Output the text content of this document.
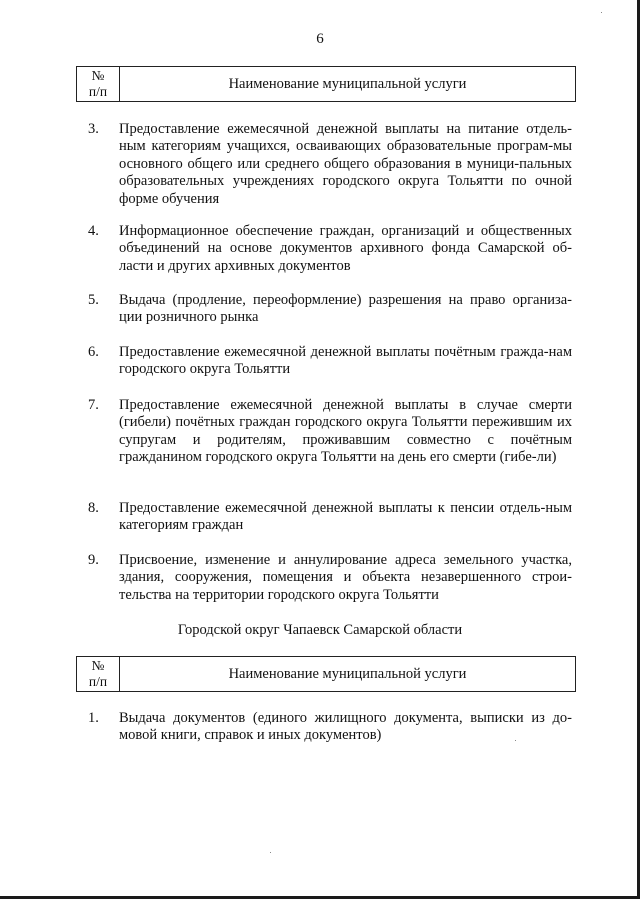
6
№
п/п	Наименование муниципальной услуги
3.	Предоставление ежемесячной денежной выплаты на питание отдель-ным категориям учащихся, осваивающих образовательные програм-мы основного общего или среднего общего образования в муници-пальных образовательных учреждениях городского округа Тольятти по очной форме обучения
4.	Информационное обеспечение граждан, организаций и общественных объединений на основе документов архивного фонда Самарской об-ласти и других архивных документов
5.	Выдача (продление, переоформление) разрешения на право организа-ции розничного рынка
6.	Предоставление ежемесячной денежной выплаты почётным гражда-нам городского округа Тольятти
7.	Предоставление ежемесячной денежной выплаты в случае смерти (гибели) почётных граждан городского округа Тольятти пережившим их супругам и родителям, проживавшим совместно с почётным гражданином городского округа Тольятти на день его смерти (гибе-ли)
8.	Предоставление ежемесячной денежной выплаты к пенсии отдель-ным категориям граждан
9.	Присвоение, изменение и аннулирование адреса земельного участка, здания, сооружения, помещения и объекта незавершенного строи-тельства на территории городского округа Тольятти
Городской округ Чапаевск Самарской области
№
п/п	Наименование муниципальной услуги
1.	Выдача документов (единого жилищного документа, выписки из до-мовой книги, справок и иных документов)
